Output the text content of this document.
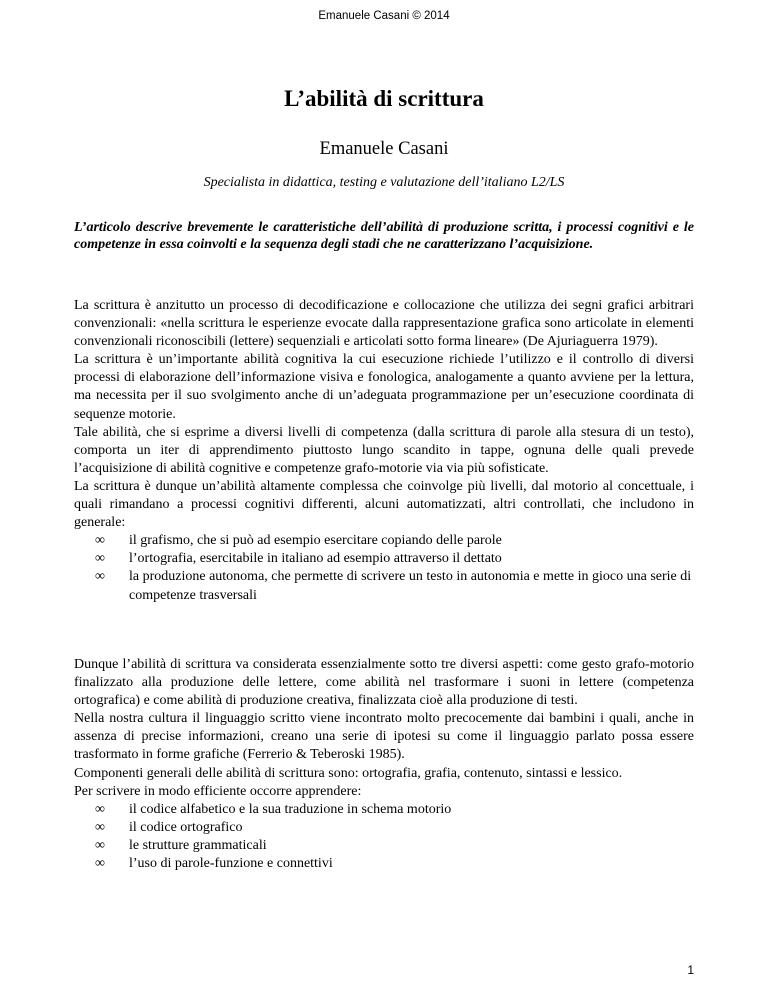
Emanuele Casani © 2014
L’abilità di scrittura
Emanuele Casani
Specialista in didattica, testing e valutazione dell’italiano L2/LS
L’articolo descrive brevemente le caratteristiche dell’abilità di produzione scritta, i processi cognitivi e le competenze in essa coinvolti e la sequenza degli stadi che ne caratterizzano l’acquisizione.

La scrittura è anzitutto un processo di decodificazione e collocazione che utilizza dei segni grafici arbitrari convenzionali: «nella scrittura le esperienze evocate dalla rappresentazione grafica sono articolate in elementi convenzionali riconoscibili (lettere) sequenziali e articolati sotto forma lineare» (De Ajuriaguerra 1979).

La scrittura è un’importante abilità cognitiva la cui esecuzione richiede l’utilizzo e il controllo di diversi processi di elaborazione dell’informazione visiva e fonologica, analogamente a quanto avviene per la lettura, ma necessita per il suo svolgimento anche di un’adeguata programmazione per un’esecuzione coordinata di sequenze motorie.

Tale abilità, che si esprime a diversi livelli di competenza (dalla scrittura di parole alla stesura di un testo), comporta un iter di apprendimento piuttosto lungo scandito in tappe, ognuna delle quali prevede l’acquisizione di abilità cognitive e competenze grafo-motorie via via più sofisticate.

La scrittura è dunque un’abilità altamente complessa che coinvolge più livelli, dal motorio al concettuale, i quali rimandano a processi cognitivi differenti, alcuni automatizzati, altri controllati, che includono in generale:

∞	il grafismo, che si può ad esempio esercitare copiando delle parole
∞	l’ortografia, esercitabile in italiano ad esempio attraverso il dettato
∞	la produzione autonoma, che permette di scrivere un testo in autonomia e mette in gioco una serie di competenze trasversali

Dunque l’abilità di scrittura va considerata essenzialmente sotto tre diversi aspetti: come gesto grafo-motorio finalizzato alla produzione delle lettere, come abilità nel trasformare i suoni in lettere (competenza ortografica) e come abilità di produzione creativa, finalizzata cioè alla produzione di testi.

Nella nostra cultura il linguaggio scritto viene incontrato molto precocemente dai bambini i quali, anche in assenza di precise informazioni, creano una serie di ipotesi su come il linguaggio parlato possa essere trasformato in forme grafiche (Ferrerio & Teberoski 1985).

Componenti generali delle abilità di scrittura sono: ortografia, grafia, contenuto, sintassi e lessico.

Per scrivere in modo efficiente occorre apprendere:

∞	il codice alfabetico e la sua traduzione in schema motorio
∞	il codice ortografico
∞	le strutture grammaticali
∞	l’uso di parole-funzione e connettivi
1
